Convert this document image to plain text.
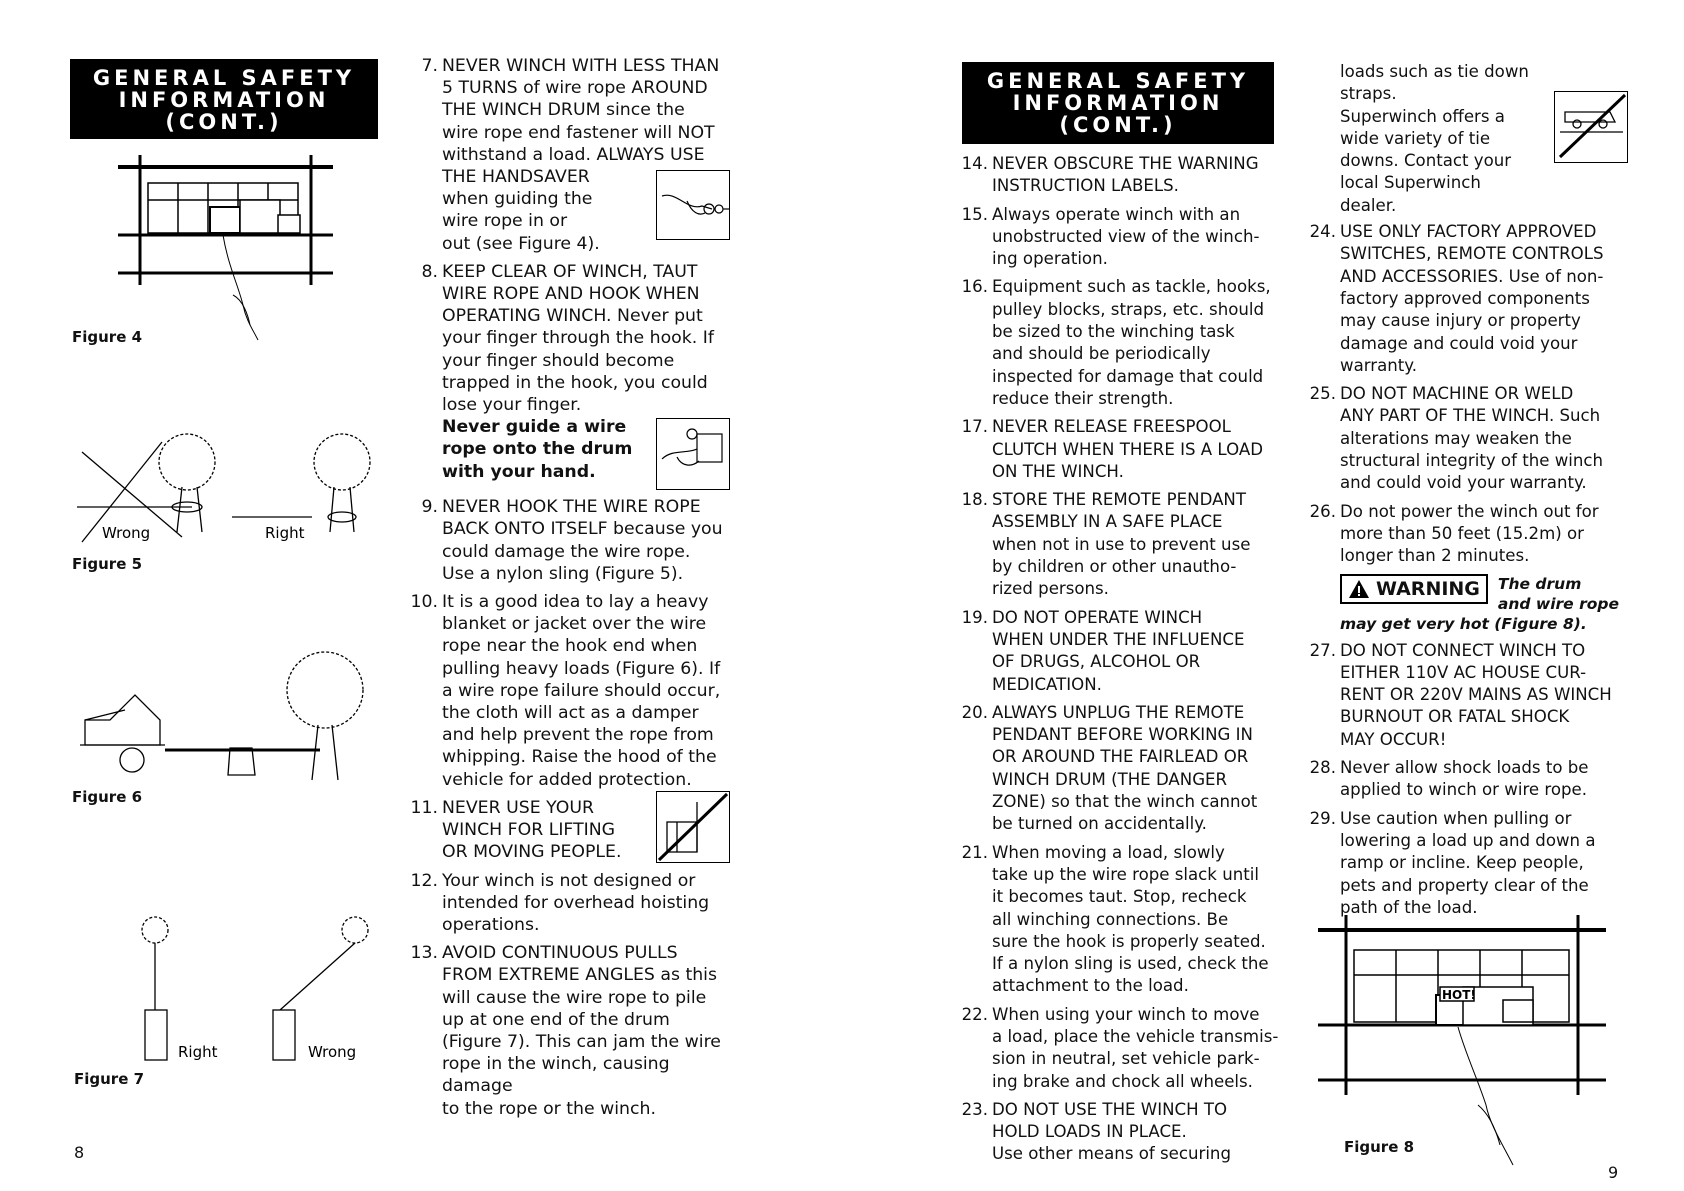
GENERAL SAFETY
INFORMATION
(CONT.)
Figure 4
Wrong	Right
Figure 5
Figure 6
Right	Wrong
Figure 7
8

7. NEVER WINCH WITH LESS THAN
5 TURNS of wire rope AROUND
THE WINCH DRUM since the
wire rope end fastener will NOT
withstand a load. ALWAYS USE

THE HANDSAVER
when guiding the
wire rope in or
out (see Figure 4).

8. KEEP CLEAR OF WINCH, TAUT
WIRE ROPE AND HOOK WHEN
OPERATING WINCH. Never put
your finger through the hook. If
your finger should become
trapped in the hook, you could
lose your finger.

Never guide a wire
rope onto the drum
with your hand.

9. NEVER HOOK THE WIRE ROPE
BACK ONTO ITSELF because you
could damage the wire rope.
Use a nylon sling (Figure 5).

10. It is a good idea to lay a heavy
blanket or jacket over the wire
rope near the hook end when
pulling heavy loads (Figure 6). If
a wire rope failure should occur,
the cloth will act as a damper
and help prevent the rope from
whipping. Raise the hood of the
vehicle for added protection.

11. NEVER USE YOUR
WINCH FOR LIFTING
OR MOVING PEOPLE.

12. Your winch is not designed or
intended for overhead hoisting
operations.

13. AVOID CONTINUOUS PULLS
FROM EXTREME ANGLES as this
will cause the wire rope to pile
up at one end of the drum
(Figure 7). This can jam the wire
rope in the winch, causing damage
to the rope or the winch.

GENERAL SAFETY
INFORMATION
(CONT.)

14. NEVER OBSCURE THE WARNING
INSTRUCTION LABELS.

15. Always operate winch with an
unobstructed view of the winch-
ing operation.

16. Equipment such as tackle, hooks,
pulley blocks, straps, etc. should
be sized to the winching task
and should be periodically
inspected for damage that could
reduce their strength.

17. NEVER RELEASE FREESPOOL
CLUTCH WHEN THERE IS A LOAD
ON THE WINCH.

18. STORE THE REMOTE PENDANT
ASSEMBLY IN A SAFE PLACE
when not in use to prevent use
by children or other unautho-
rized persons.

19. DO NOT OPERATE WINCH
WHEN UNDER THE INFLUENCE
OF DRUGS, ALCOHOL OR
MEDICATION.

20. ALWAYS UNPLUG THE REMOTE
PENDANT BEFORE WORKING IN
OR AROUND THE FAIRLEAD OR
WINCH DRUM (THE DANGER
ZONE) so that the winch cannot
be turned on accidentally.

21. When moving a load, slowly
take up the wire rope slack until
it becomes taut. Stop, recheck
all winching connections. Be
sure the hook is properly seated.
If a nylon sling is used, check the
attachment to the load.

22. When using your winch to move
a load, place the vehicle transmis-
sion in neutral, set vehicle park-
ing brake and chock all wheels.

23. DO NOT USE THE WINCH TO
HOLD LOADS IN PLACE.
Use other means of securing

loads such as tie down straps.
Superwinch offers a
wide variety of tie
downs. Contact your
local Superwinch
dealer.

24. USE ONLY FACTORY APPROVED
SWITCHES, REMOTE CONTROLS
AND ACCESSORIES. Use of non-
factory approved components
may cause injury or property
damage and could void your
warranty.

25. DO NOT MACHINE OR WELD
ANY PART OF THE WINCH. Such
alterations may weaken the
structural integrity of the winch
and could void your warranty.

26. Do not power the winch out for
more than 50 feet (15.2m) or
longer than 2 minutes.

WARNING The drum
and wire rope
may get very hot (Figure 8).

27. DO NOT CONNECT WINCH TO
EITHER 110V AC HOUSE CUR-
RENT OR 220V MAINS AS WINCH
BURNOUT OR FATAL SHOCK
MAY OCCUR!

28. Never allow shock loads to be
applied to winch or wire rope.

29. Use caution when pulling or
lowering a load up and down a
ramp or incline. Keep people,
pets and property clear of the
path of the load.

HOT!
Figure 8
9
